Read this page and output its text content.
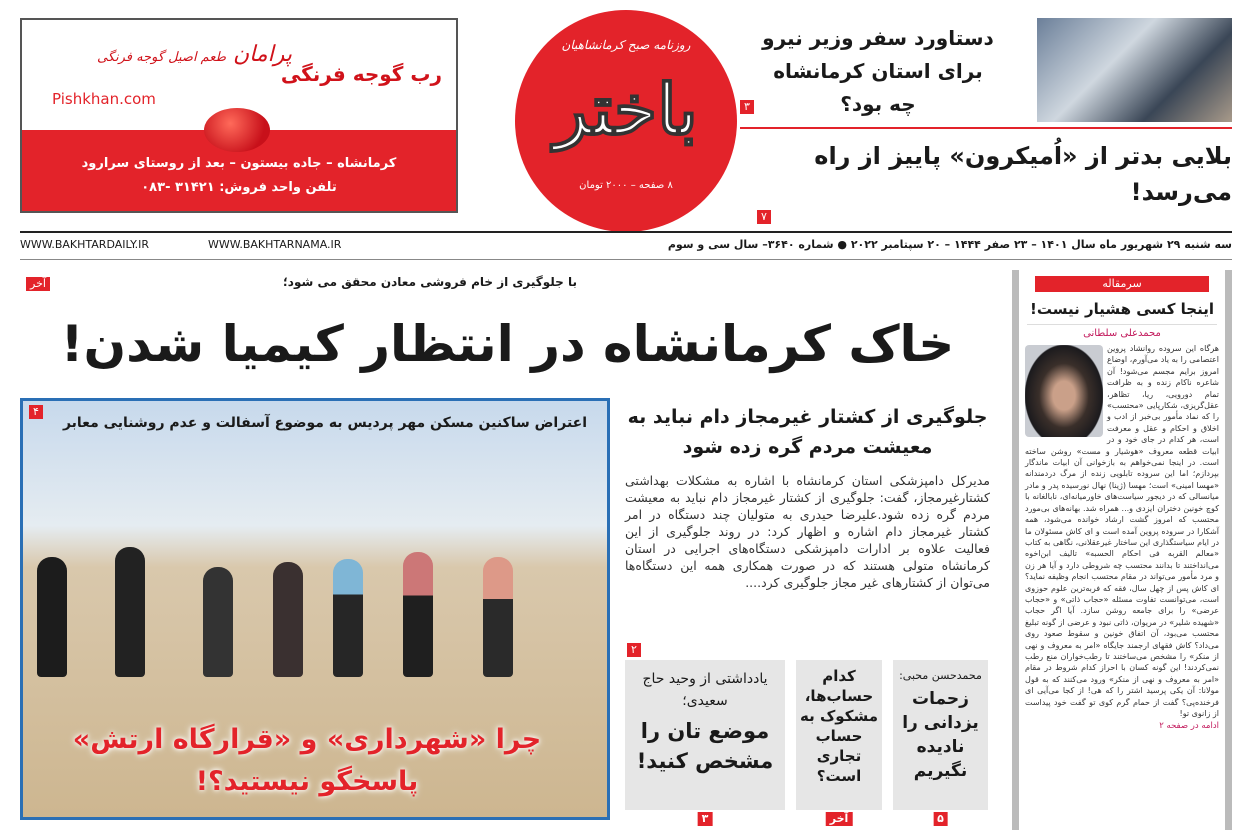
رب گوجه فرنگی
پرامان طعم اصیل گوجه فرنگی
Pishkhan.com
کرمانشاه – جاده بیستون – بعد از روستای سرارود
تلفن واحد فروش: ۳۱۴۲۱ -۰۸۳
روزنامه صبح کرمانشاهیان
باختر
۸ صفحه – ۲۰۰۰ تومان
دستاورد سفر وزیر نیرو برای استان کرمانشاه چه بود؟
۳
بلایی بدتر از «اُمیکرون» پاییز از راه می‌رسد!
۷
سه شنبه ۲۹ شهریور ماه سال ۱۴۰۱ – ۲۳ صفر ۱۴۴۴ – ۲۰ سپتامبر ۲۰۲۲ ● شماره ۳۶۴۰– سال سی و سوم
WWW.BAKHTARDAILY.IR	WWW.BAKHTARNAMA.IR
سرمقاله
اینجا کسی هشیار نیست!
محمدعلی سلطانی
هرگاه این سروده روانشاد پروین اعتصامی را به یاد می‌آورم، اوضاع امروز برایم مجسم می‌شود! آن شاعره ناکام زنده و به ظرافت تمام دورویی، ریا، تظاهر، عقل‌گریزی، شکارپایی «محتسب» را که نماد مأمور بی‌خبر از ادب و اخلاق و احکام و عقل و معرفت است، هر کدام در جای خود و در ابیات قطعه معروف «هوشیار و مست» روشن ساخته است. در اینجا نمی‌خواهم به بازخوانی آن ابیات ماندگار بپردازم؛ اما این سروده تابلویی زنده از مرگ دردمندانه «مهسا امینی» است؛ مهسا (ژینا) نهال نورسیده پدر و مادر میانسالی که در دیجور سیاست‌های خاورمیانه‌ای، نابالغانه با کوچ خونین دختران ایزدی و... همراه شد. بهانه‌های بی‌مورد محتسب که امروز گشت ارشاد خوانده می‌شود، همه آشکارا در سروده پروین آمده است و ای کاش مسئولان ما در ایام سیاستگذاری این ساختار غیرعقلانی، نگاهی به کتاب «معالم القربه فی احکام الحسبه» تالیف ابن‌اخوه می‌انداختند تا بدانند محتسب چه شروطی دارد و آیا هر زن و مرد مأمور می‌تواند در مقام محتسب انجام وظیفه نماید؟ ای کاش پس از چهل سال، فقه که فربه‌ترین علوم حوزوی است، می‌توانست تفاوت مسئله «حجاب ذاتی» و «حجاب عرضی» را برای جامعه روشن سازد. آیا اگر حجاب «شهیده شلیر» در مریوان، ذاتی نبود و عرضی از گونه تبلیغ محتسب می‌بود، آن اتفاق خونین و سقوط صعود روی می‌داد؟ کاش فقهای ارجمند جایگاه «امر به معروف و نهی از منکر» را مشخص می‌ساختند تا رطب‌خواران منع رطب نمی‌کردند! این گونه کسان با احراز کدام شروط در مقام «امر به معروف و نهی از منکر» ورود می‌کنند که به قول مولانا: آن یکی پرسید اشتر را که هی! از کجا می‌آیی ای فرخنده‌پی؟ گفت از حمام گرم کوی تو گفت خود پیداست از زانوی تو!
ادامه در صفحه ۲
آخر	با جلوگیری از خام فروشی معادن محقق می شود؛
خاک کرمانشاه در انتظار کیمیا شدن!
۴
اعتراض ساکنین مسکن مهر پردیس به موضوع آسفالت و عدم روشنایی معابر
چرا «شهرداری» و «قرارگاه ارتش» پاسخگو نیستید؟!
جلوگیری از کشتار غیرمجاز دام نباید به معیشت مردم گره زده شود

مدیرکل دامپزشکی استان کرمانشاه با اشاره به مشکلات بهداشتی کشتارغیرمجاز، گفت: جلوگیری از کشتار غیرمجاز دام نباید به معیشت مردم گره زده شود.علیرضا حیدری به متولیان چند دستگاه در امر کشتار غیرمجاز دام اشاره و اظهار کرد: در روند جلوگیری از این فعالیت علاوه بر ادارات دامپزشکی دستگاه‌های اجرایی در استان کرمانشاه متولی هستند که در صورت همکاری همه این دستگاه‌ها می‌توان از کشتارهای غیر مجاز جلوگیری کرد....

۲
محمدحسن محبی:
زحمات یزدانی را نادیده نگیریم
۵
کدام حساب‌ها، مشکوک به حساب تجاری است؟
آخر
یادداشتی از وحید حاج سعیدی؛
موضع تان را مشخص کنید!
۳
